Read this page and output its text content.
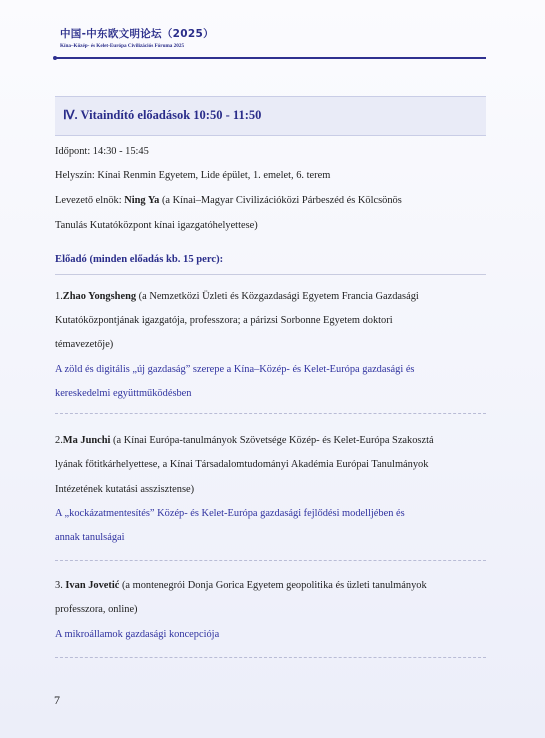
中国-中东欧文明论坛（2025）
Kína–Közép- és Kelet-Európa Civilizációs Fóruma 2025
Ⅳ. Vitaindító előadások 10:50 - 11:50
Időpont: 14:30 - 15:45
Helyszín: Kínai Renmin Egyetem, Lide épület, 1. emelet, 6. terem
Levezető elnök: Ning Ya (a Kínai–Magyar Civilizációközi Párbeszéd és Kölcsönös
Tanulás Kutatóközpont kínai igazgatóhelyettese)
Előadó (minden előadás kb. 15 perc):
1.Zhao Yongsheng (a Nemzetközi Üzleti és Közgazdasági Egyetem Francia Gazdasági
Kutatóközpontjának igazgatója, professzora; a párizsi Sorbonne Egyetem doktori
témavezetője)
A zöld és digitális „új gazdaság” szerepe a Kína–Közép- és Kelet-Európa gazdasági és
kereskedelmi együttműködésben
2.Ma Junchi (a Kínai Európa-tanulmányok Szövetsége Közép- és Kelet-Európa Szakosztá
lyának főtitkárhelyettese, a Kínai Társadalomtudományi Akadémia Európai Tanulmányok
Intézetének kutatási asszisztense)
A „kockázatmentesítés” Közép- és Kelet-Európa gazdasági fejlődési modelljében és
annak tanulságai
3. Ivan Jovetić (a montenegrói Donja Gorica Egyetem geopolitika és üzleti tanulmányok
professzora, online)
A mikroállamok gazdasági koncepciója
7
